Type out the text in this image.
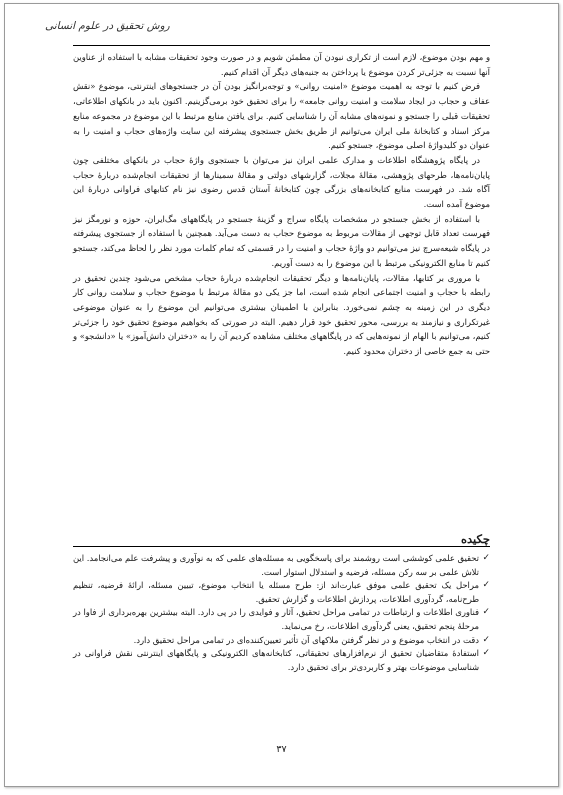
روش تحقیق در علوم انسانی

و مهم بودن موضوع، لازم است از تکراری نبودن آن مطمئن شویم و در صورت وجود تحقیقات مشابه با استفاده از عناوین آنها نسبت به جزئی‌تر کردن موضوع یا پرداختن به جنبه‌های دیگر آن اقدام کنیم.

فرض کنیم با توجه به اهمیت موضوع «امنیت روانی» و توجه‌برانگیز بودن آن در جستجوهای اینترنتی، موضوع «نقش عفاف و حجاب در ایجاد سلامت و امنیت روانی جامعه» را برای تحقیق خود برمی‌گزینیم. اکنون باید در بانکهای اطلاعاتی، تحقیقات قبلی را جستجو و نمونه‌های مشابه آن را شناسایی کنیم. برای یافتن منابع مرتبط با این موضوع در مجموعه منابع مرکز اسناد و کتابخانهٔ ملی ایران می‌توانیم از طریق بخش جستجوی پیشرفته این سایت واژه‌های حجاب و امنیت را به عنوان دو کلیدواژهٔ اصلی موضوع، جستجو کنیم.

در پایگاه پژوهشگاه اطلاعات و مدارک علمی ایران نیز می‌توان با جستجوی واژهٔ حجاب در بانکهای مختلفی چون پایان‌نامه‌ها، طرحهای پژوهشی، مقالهٔ مجلات، گزارشهای دولتی و مقالهٔ سمینارها از تحقیقات انجام‌شده دربارهٔ حجاب آگاه شد. در فهرست منابع کتابخانه‌های بزرگی چون کتابخانهٔ آستان قدس رضوی نیز نام کتابهای فراوانی دربارهٔ این موضوع آمده است.

با استفاده از بخش جستجو در مشخصات پایگاه سراج و گزینهٔ جستجو در پایگاههای مگ‌ایران، حوزه و نورمگز نیز فهرست تعداد قابل توجهی از مقالات مربوط به موضوع حجاب به دست می‌آید. همچنین با استفاده از جستجوی پیشرفته در پایگاه شیعه‌سرچ نیز می‌توانیم دو واژهٔ حجاب و امنیت را در قسمتی که تمام کلمات مورد نظر را لحاظ می‌کند، جستجو کنیم تا منابع الکترونیکی مرتبط با این موضوع را به دست آوریم.

با مروری بر کتابها، مقالات، پایان‌نامه‌ها و دیگر تحقیقات انجام‌شده دربارهٔ حجاب مشخص می‌شود چندین تحقیق در رابطه با حجاب و امنیت اجتماعی انجام شده است، اما جز یکی دو مقالهٔ مرتبط با موضوع حجاب و سلامت روانی کار دیگری در این زمینه به چشم نمی‌خورد. بنابراین با اطمینان بیشتری می‌توانیم این موضوع را به عنوان موضوعی غیرتکراری و نیازمند به بررسی، محور تحقیق خود قرار دهیم. البته در صورتی که بخواهیم موضوع تحقیق خود را جزئی‌تر کنیم، می‌توانیم با الهام از نمونه‌هایی که در پایگاههای مختلف مشاهده کردیم آن را به «دختران دانش‌آموز» یا «دانشجو» و حتی به جمع خاصی از دختران محدود کنیم.

چکیده
✓
تحقیق علمی کوششی است روشمند برای پاسخگویی به مسئله‌های علمی که به نوآوری و پیشرفت علم می‌انجامد. این تلاش علمی بر سه رکن مسئله، فرضیه و استدلال استوار است.
✓
مراحل یک تحقیق علمی موفق عبارت‌اند از: طرح مسئله یا انتخاب موضوع، تبیین مسئله، ارائهٔ فرضیه، تنظیم طرح‌نامه، گردآوری اطلاعات، پردازش اطلاعات و گزارش تحقیق.
✓
فناوری اطلاعات و ارتباطات در تمامی مراحل تحقیق، آثار و فوایدی را در پی دارد. البته بیشترین بهره‌برداری از فاوا در مرحلهٔ پنجم تحقیق، یعنی گردآوری اطلاعات، رخ می‌نماید.
✓
دقت در انتخاب موضوع و در نظر گرفتن ملاکهای آن تأثیر تعیین‌کننده‌ای در تمامی مراحل تحقیق دارد.
✓
استفادهٔ متقاضیان تحقیق از نرم‌افزارهای تحقیقاتی، کتابخانه‌های الکترونیکی و پایگاههای اینترنتی نقش فراوانی در شناسایی موضوعات بهتر و کاربردی‌تر برای تحقیق دارد.
۳۷
